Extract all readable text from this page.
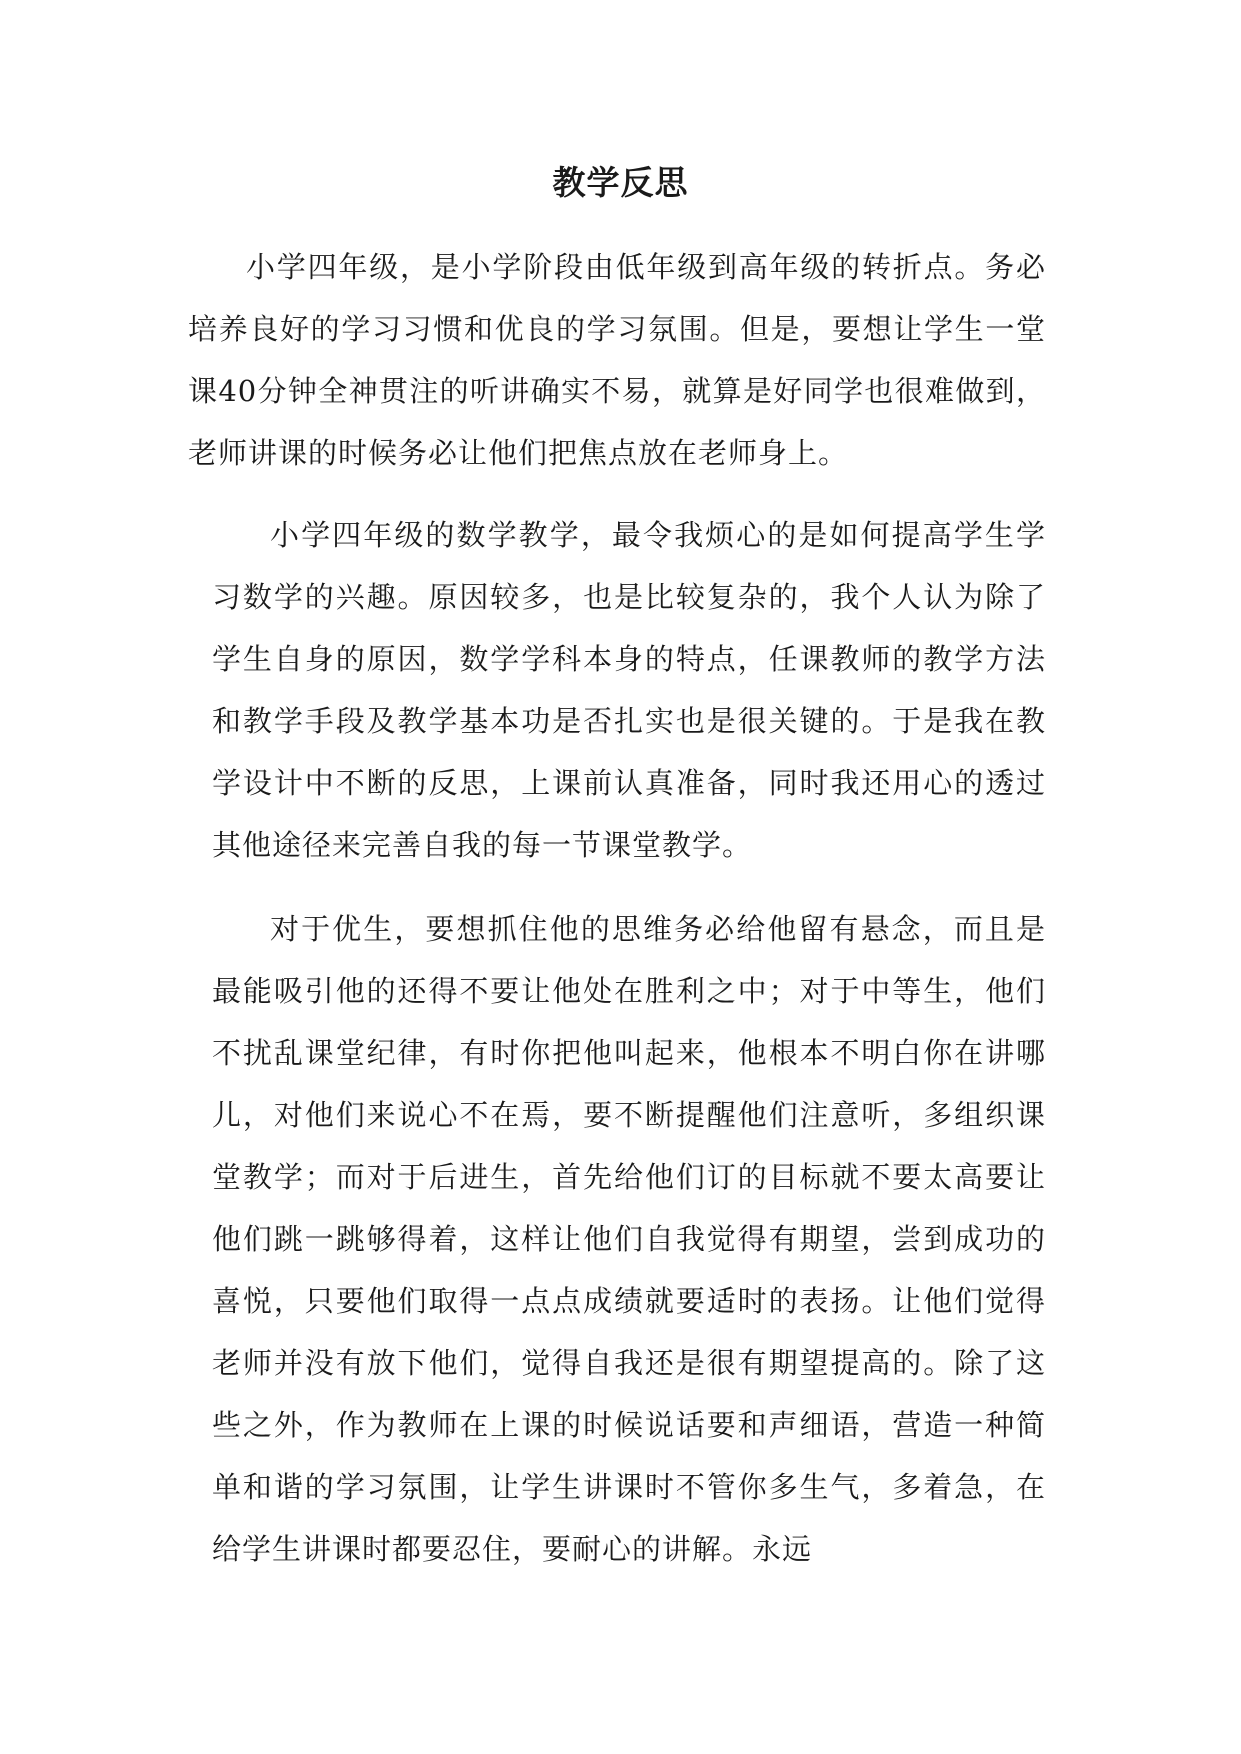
教学反思

小学四年级，是小学阶段由低年级到高年级的转折点。务必培养良好的学习习惯和优良的学习氛围。但是，要想让学生一堂课40分钟全神贯注的听讲确实不易，就算是好同学也很难做到，老师讲课的时候务必让他们把焦点放在老师身上。

小学四年级的数学教学，最令我烦心的是如何提高学生学习数学的兴趣。原因较多，也是比较复杂的，我个人认为除了学生自身的原因，数学学科本身的特点，任课教师的教学方法和教学手段及教学基本功是否扎实也是很关键的。于是我在教学设计中不断的反思，上课前认真准备，同时我还用心的透过其他途径来完善自我的每一节课堂教学。

对于优生，要想抓住他的思维务必给他留有悬念，而且是最能吸引他的还得不要让他处在胜利之中；对于中等生，他们不扰乱课堂纪律，有时你把他叫起来，他根本不明白你在讲哪儿，对他们来说心不在焉，要不断提醒他们注意听，多组织课堂教学；而对于后进生，首先给他们订的目标就不要太高要让他们跳一跳够得着，这样让他们自我觉得有期望，尝到成功的喜悦，只要他们取得一点点成绩就要适时的表扬。让他们觉得老师并没有放下他们，觉得自我还是很有期望提高的。除了这些之外，作为教师在上课的时候说话要和声细语，营造一种简单和谐的学习氛围，让学生讲课时不管你多生气，多着急，在给学生讲课时都要忍住，要耐心的讲解。永远
